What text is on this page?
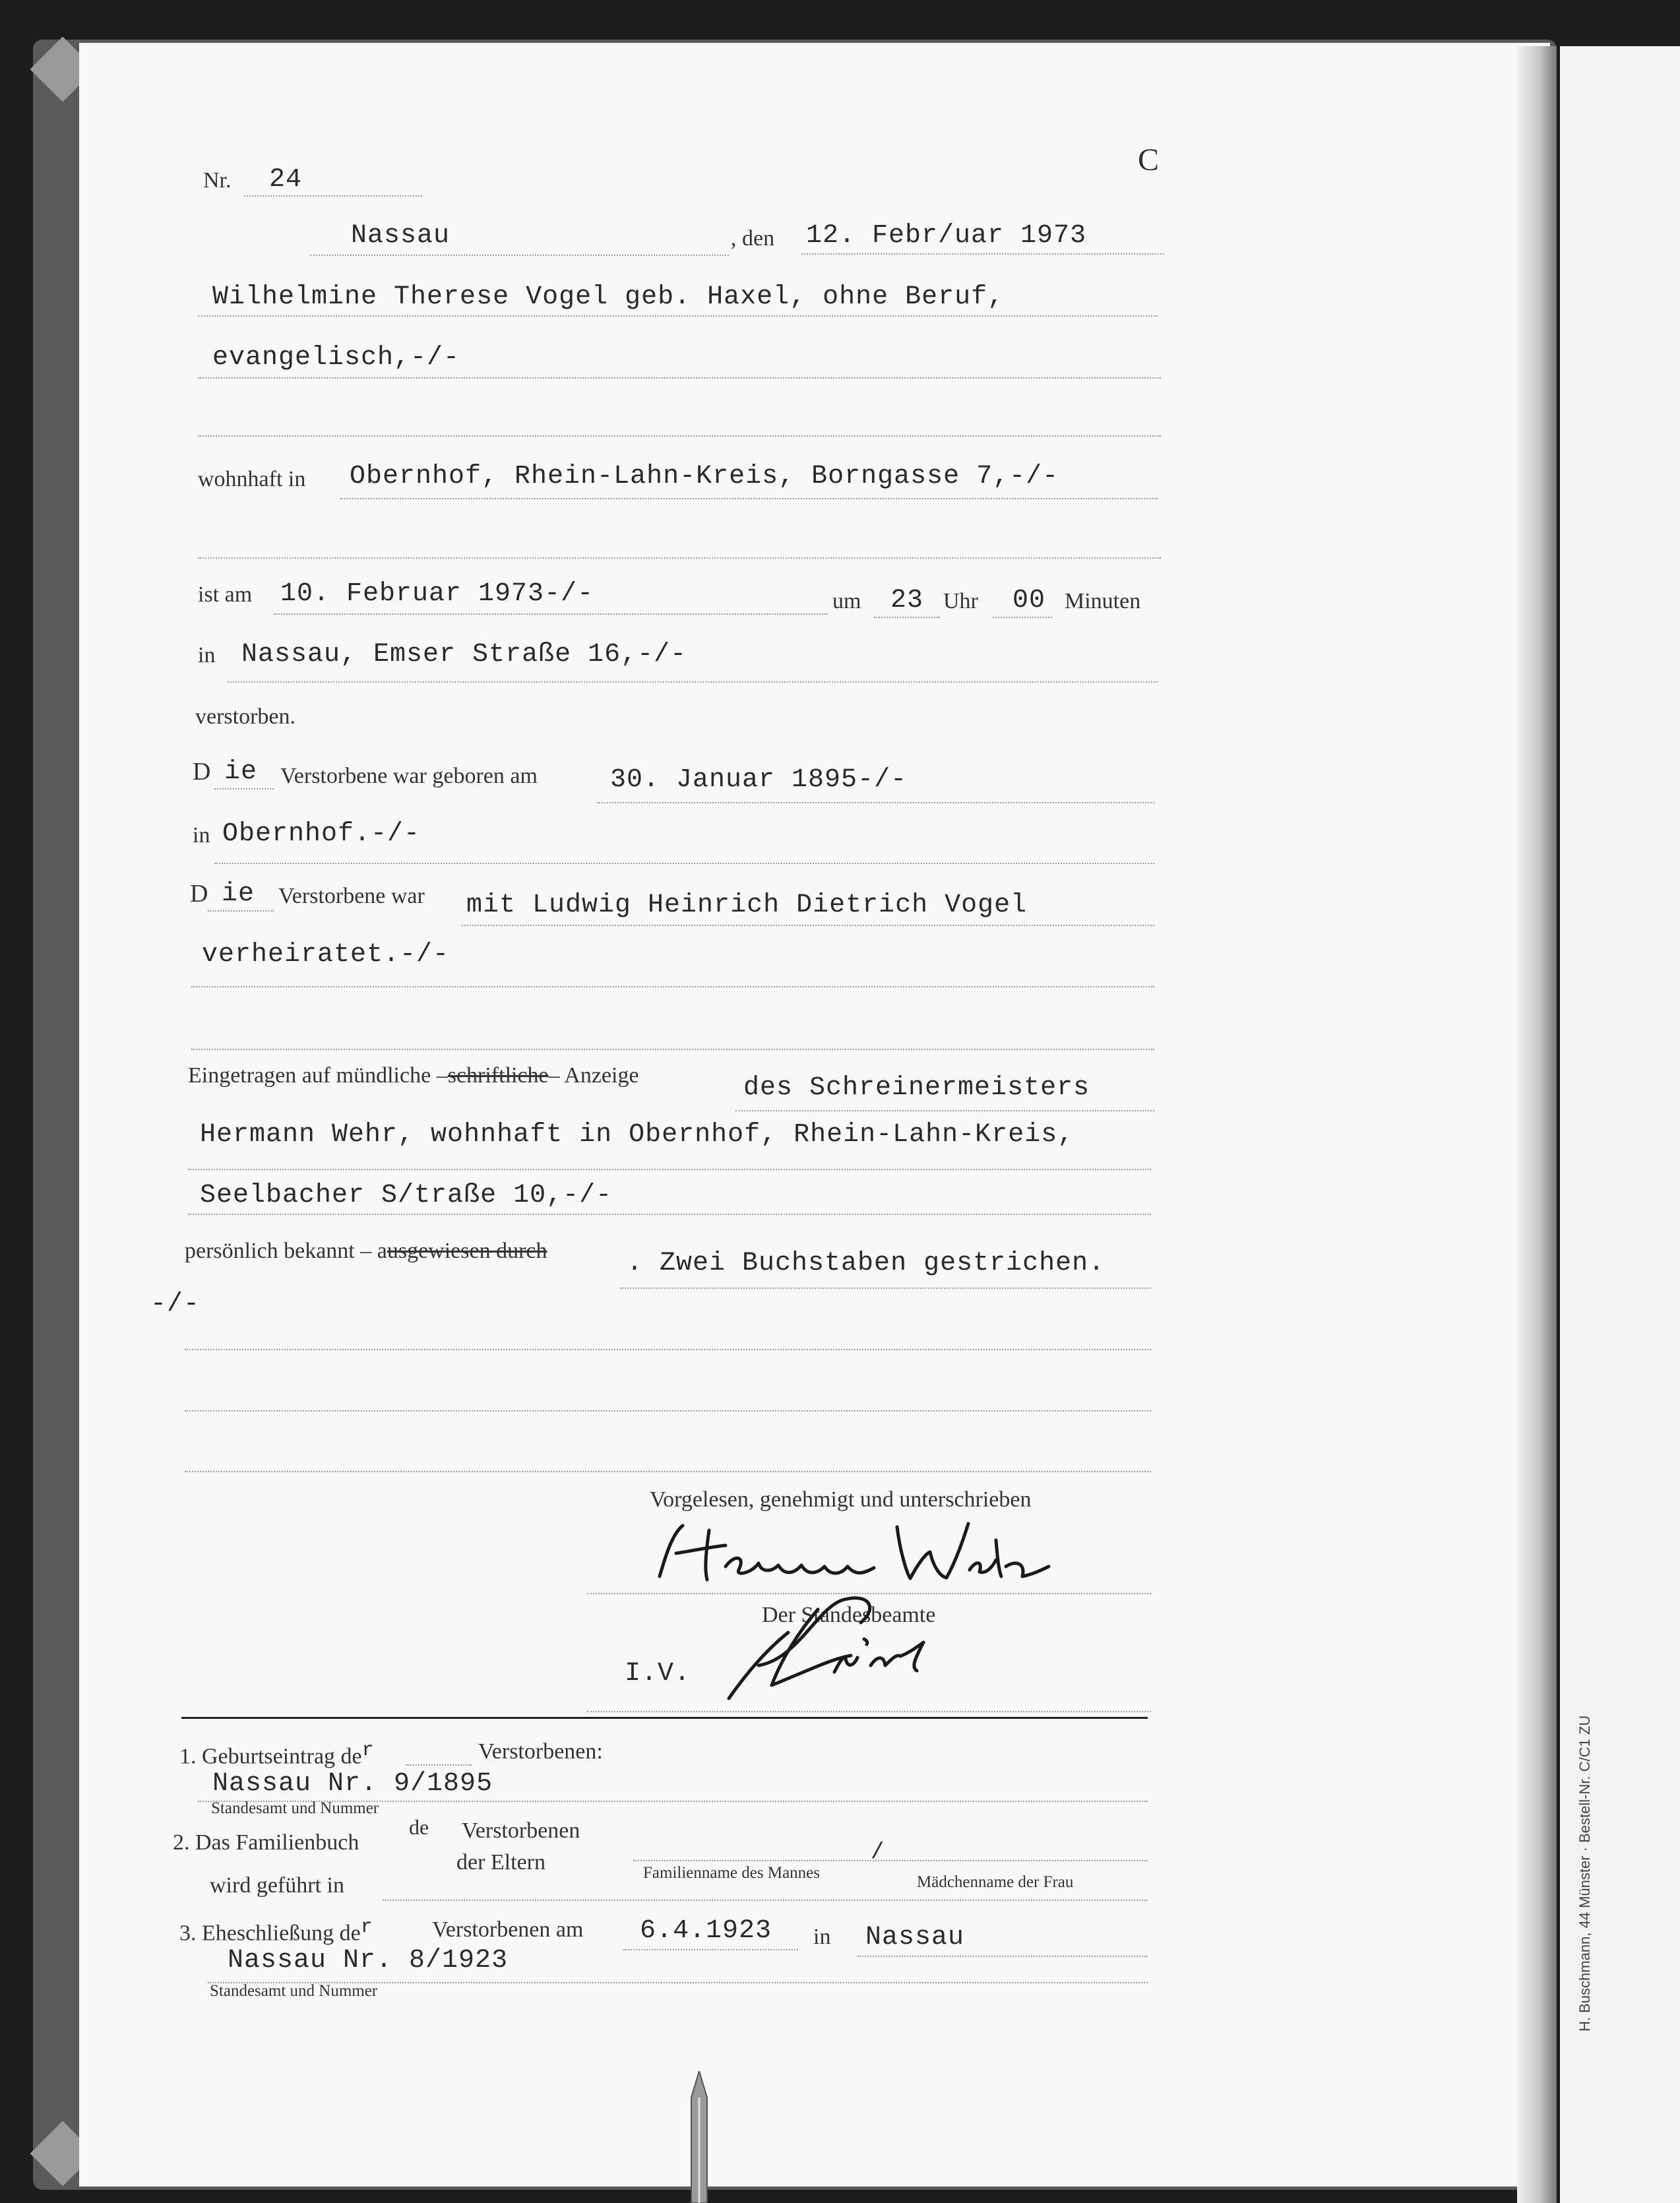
Nr. 24
C
Nassau	, den 12. Febr/uar 1973
Wilhelmine Therese Vogel geb. Haxel, ohne Beruf,
evangelisch,-/-
wohnhaft in Obernhof, Rhein-Lahn-Kreis, Borngasse 7,-/-
ist am 10. Februar 1973-/-	um 23 Uhr 00 Minuten
in Nassau, Emser Straße 16,-/-
verstorben.
D ie Verstorbene war geboren am	30. Januar 1895-/-
in Obernhof.-/-
D ie Verstorbene war mit Ludwig Heinrich Dietrich Vogel
verheiratet.-/-
Eingetragen auf mündliche –schriftliche– Anzeige	des Schreinermeisters
Hermann Wehr, wohnhaft in Obernhof, Rhein-Lahn-Kreis,
Seelbacher S/traße 10,-/-
persönlich bekannt – ausgewiesen durch	. Zwei Buchstaben gestrichen.
-/-
Vorgelesen, genehmigt und unterschrieben
Der Standesbeamte
I.V.
1. Geburtseintrag $de^r$	Verstorbenen:
Nassau Nr. 9/1895
Standesamt und Nummer
2. Das Familienbuch
de Verstorbenen
der Eltern	Familienname des Mannes
/
Mädchenname der Frau
wird geführt in
3. Eheschließung $de^r$	Verstorbenen am 6.4.1923 in Nassau
Nassau Nr. 8/1923
Standesamt und Nummer	H. Buschmann, 44 Münster · Bestell-Nr. C/C1 ZU
